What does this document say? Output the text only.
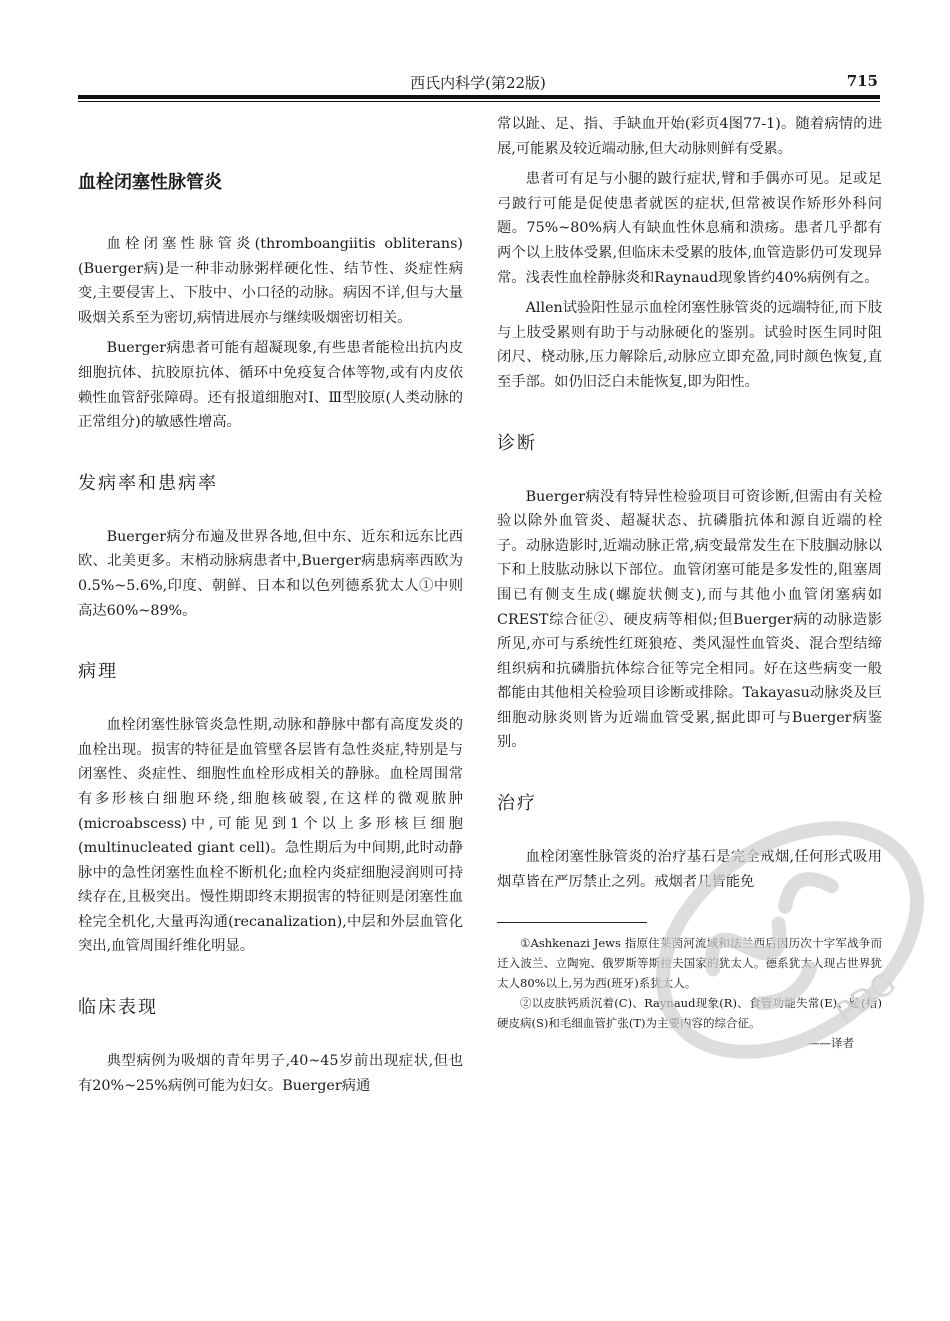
西氏内科学(第22版)	715
血栓闭塞性脉管炎

血栓闭塞性脉管炎(thromboangiitis obliterans)(Buerger病)是一种非动脉粥样硬化性、结节性、炎症性病变,主要侵害上、下肢中、小口径的动脉。病因不详,但与大量吸烟关系至为密切,病情进展亦与继续吸烟密切相关。

Buerger病患者可能有超凝现象,有些患者能检出抗内皮细胞抗体、抗胶原抗体、循环中免疫复合体等物,或有内皮依赖性血管舒张障碍。还有报道细胞对Ⅰ、Ⅲ型胶原(人类动脉的正常组分)的敏感性增高。

发病率和患病率

Buerger病分布遍及世界各地,但中东、近东和远东比西欧、北美更多。末梢动脉病患者中,Buerger病患病率西欧为0.5%~5.6%,印度、朝鲜、日本和以色列德系犹太人①中则高达60%~89%。

病理

血栓闭塞性脉管炎急性期,动脉和静脉中都有高度发炎的血栓出现。损害的特征是血管壁各层皆有急性炎症,特别是与闭塞性、炎症性、细胞性血栓形成相关的静脉。血栓周围常有多形核白细胞环绕,细胞核破裂,在这样的微观脓肿(microabscess)中,可能见到1个以上多形核巨细胞(multinucleated giant cell)。急性期后为中间期,此时动静脉中的急性闭塞性血栓不断机化;血栓内炎症细胞浸润则可持续存在,且极突出。慢性期即终末期损害的特征则是闭塞性血栓完全机化,大量再沟通(recanalization),中层和外层血管化突出,血管周围纤维化明显。

临床表现

典型病例为吸烟的青年男子,40~45岁前出现症状,但也有20%~25%病例可能为妇女。Buerger病通

常以趾、足、指、手缺血开始(彩页4图77-1)。随着病情的进展,可能累及较近端动脉,但大动脉则鲜有受累。

患者可有足与小腿的跛行症状,臂和手偶亦可见。足或足弓跛行可能是促使患者就医的症状,但常被误作矫形外科问题。75%~80%病人有缺血性休息痛和溃疡。患者几乎都有两个以上肢体受累,但临床未受累的肢体,血管造影仍可发现异常。浅表性血栓静脉炎和Raynaud现象皆约40%病例有之。

Allen试验阳性显示血栓闭塞性脉管炎的远端特征,而下肢与上肢受累则有助于与动脉硬化的鉴别。试验时医生同时阻闭尺、桡动脉,压力解除后,动脉应立即充盈,同时颜色恢复,直至手部。如仍旧泛白未能恢复,即为阳性。

诊断

Buerger病没有特异性检验项目可资诊断,但需由有关检验以除外血管炎、超凝状态、抗磷脂抗体和源自近端的栓子。动脉造影时,近端动脉正常,病变最常发生在下肢腘动脉以下和上肢肱动脉以下部位。血管闭塞可能是多发性的,阻塞周围已有侧支生成(螺旋状侧支),而与其他小血管闭塞病如CREST综合征②、硬皮病等相似;但Buerger病的动脉造影所见,亦可与系统性红斑狼疮、类风湿性血管炎、混合型结缔组织病和抗磷脂抗体综合征等完全相同。好在这些病变一般都能由其他相关检验项目诊断或排除。Takayasu动脉炎及巨细胞动脉炎则皆为近端血管受累,据此即可与Buerger病鉴别。

治疗

血栓闭塞性脉管炎的治疗基石是完全戒烟,任何形式吸用烟草皆在严厉禁止之列。戒烟者几皆能免

①Ashkenazi Jews 指原住莱茵河流域和法兰西后因历次十字军战争而迁入波兰、立陶宛、俄罗斯等斯拉夫国家的犹太人。德系犹太人现占世界犹太人80%以上,另为西(班牙)系犹太人。

②以皮肤钙质沉着(C)、Raynaud现象(R)、食管功能失常(E)、趾(指)硬皮病(S)和毛细血管扩张(T)为主要内容的综合征。

——译者

PDG
